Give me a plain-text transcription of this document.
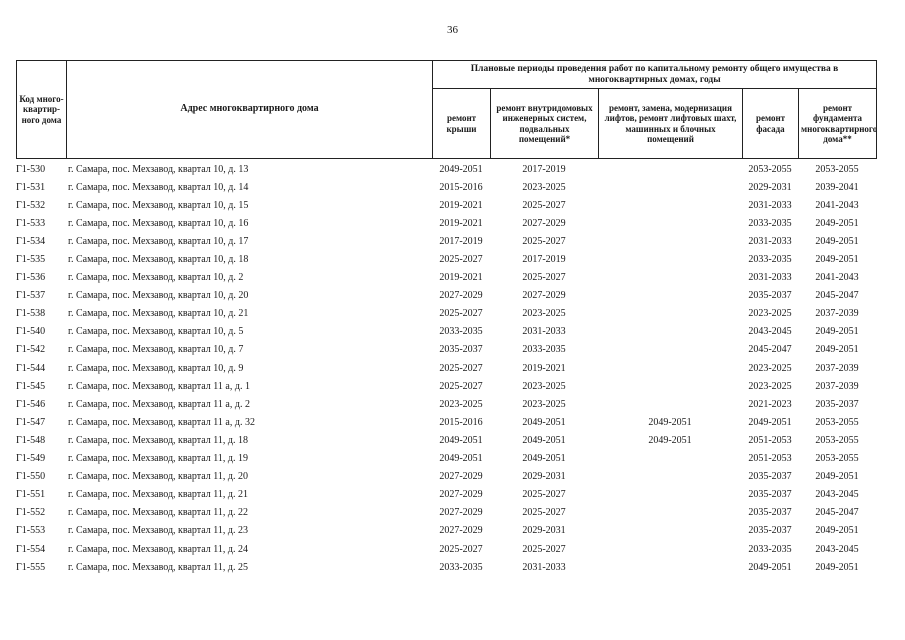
36
Код много-квартир-ного дома	Адрес многоквартирного дома	Плановые периоды проведения работ по капитальному ремонту общего имущества в многоквартирных домах, годы				
		ремонт крыши	ремонт внутридомовых инженерных систем, подвальных помещений*	ремонт, замена, модернизация лифтов, ремонт лифтовых шахт, машинных и блочных помещений	ремонт фасада	ремонт фундамента многоквартирного дома**
Г1-530	г. Самара, пос. Мехзавод, квартал 10, д. 13	2049-2051	2017-2019		2053-2055	2053-2055
Г1-531	г. Самара, пос. Мехзавод, квартал 10, д. 14	2015-2016	2023-2025		2029-2031	2039-2041
Г1-532	г. Самара, пос. Мехзавод, квартал 10, д. 15	2019-2021	2025-2027		2031-2033	2041-2043
Г1-533	г. Самара, пос. Мехзавод, квартал 10, д. 16	2019-2021	2027-2029		2033-2035	2049-2051
Г1-534	г. Самара, пос. Мехзавод, квартал 10, д. 17	2017-2019	2025-2027		2031-2033	2049-2051
Г1-535	г. Самара, пос. Мехзавод, квартал 10, д. 18	2025-2027	2017-2019		2033-2035	2049-2051
Г1-536	г. Самара, пос. Мехзавод, квартал 10, д. 2	2019-2021	2025-2027		2031-2033	2041-2043
Г1-537	г. Самара, пос. Мехзавод, квартал 10, д. 20	2027-2029	2027-2029		2035-2037	2045-2047
Г1-538	г. Самара, пос. Мехзавод, квартал 10, д. 21	2025-2027	2023-2025		2023-2025	2037-2039
Г1-540	г. Самара, пос. Мехзавод, квартал 10, д. 5	2033-2035	2031-2033		2043-2045	2049-2051
Г1-542	г. Самара, пос. Мехзавод, квартал 10, д. 7	2035-2037	2033-2035		2045-2047	2049-2051
Г1-544	г. Самара, пос. Мехзавод, квартал 10, д. 9	2025-2027	2019-2021		2023-2025	2037-2039
Г1-545	г. Самара, пос. Мехзавод, квартал 11 а, д. 1	2025-2027	2023-2025		2023-2025	2037-2039
Г1-546	г. Самара, пос. Мехзавод, квартал 11 а, д. 2	2023-2025	2023-2025		2021-2023	2035-2037
Г1-547	г. Самара, пос. Мехзавод, квартал 11 а, д. 32	2015-2016	2049-2051	2049-2051	2049-2051	2053-2055
Г1-548	г. Самара, пос. Мехзавод, квартал 11, д. 18	2049-2051	2049-2051	2049-2051	2051-2053	2053-2055
Г1-549	г. Самара, пос. Мехзавод, квартал 11, д. 19	2049-2051	2049-2051		2051-2053	2053-2055
Г1-550	г. Самара, пос. Мехзавод, квартал 11, д. 20	2027-2029	2029-2031		2035-2037	2049-2051
Г1-551	г. Самара, пос. Мехзавод, квартал 11, д. 21	2027-2029	2025-2027		2035-2037	2043-2045
Г1-552	г. Самара, пос. Мехзавод, квартал 11, д. 22	2027-2029	2025-2027		2035-2037	2045-2047
Г1-553	г. Самара, пос. Мехзавод, квартал 11, д. 23	2027-2029	2029-2031		2035-2037	2049-2051
Г1-554	г. Самара, пос. Мехзавод, квартал 11, д. 24	2025-2027	2025-2027		2033-2035	2043-2045
Г1-555	г. Самара, пос. Мехзавод, квартал 11, д. 25	2033-2035	2031-2033		2049-2051	2049-2051
